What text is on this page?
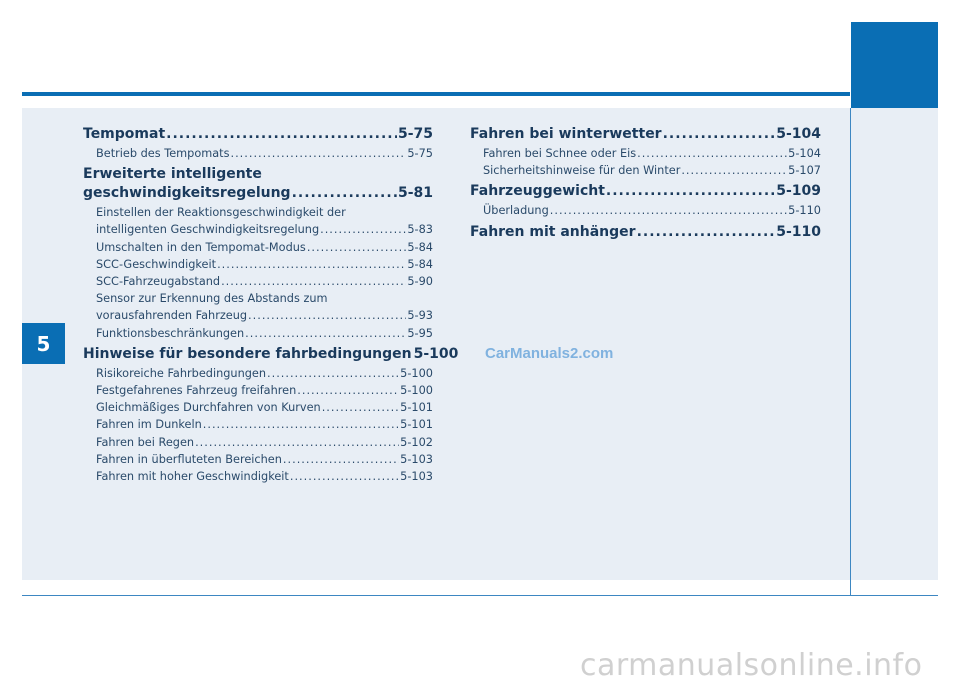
5
Tempomat .....	5-75
Betrieb des Tempomats .....	5-75
Erweiterte intelligente
geschwindigkeitsregelung .....	5-81
Einstellen der Reaktionsgeschwindigkeit der
intelligenten Geschwindigkeitsregelung .....	5-83
Umschalten in den Tempomat-Modus .....	5-84
SCC-Geschwindigkeit .....	5-84
SCC-Fahrzeugabstand .....	5-90
Sensor zur Erkennung des Abstands zum
vorausfahrenden Fahrzeug .....	5-93
Funktionsbeschränkungen .....	5-95
Hinweise für besondere fahrbedingungen 5-100
Risikoreiche Fahrbedingungen .....	5-100
Festgefahrenes Fahrzeug freifahren .....	5-100
Gleichmäßiges Durchfahren von Kurven .....	5-101
Fahren im Dunkeln .....	5-101
Fahren bei Regen .....	5-102
Fahren in überfluteten Bereichen .....	5-103
Fahren mit hoher Geschwindigkeit .....	5-103
Fahren bei winterwetter .....	5-104
Fahren bei Schnee oder Eis .....	5-104
Sicherheitshinweise für den Winter .....	5-107
Fahrzeuggewicht .....	5-109
Überladung .....	5-110
Fahren mit anhänger .....	5-110
CarManuals2.com
carmanualsonline.info
